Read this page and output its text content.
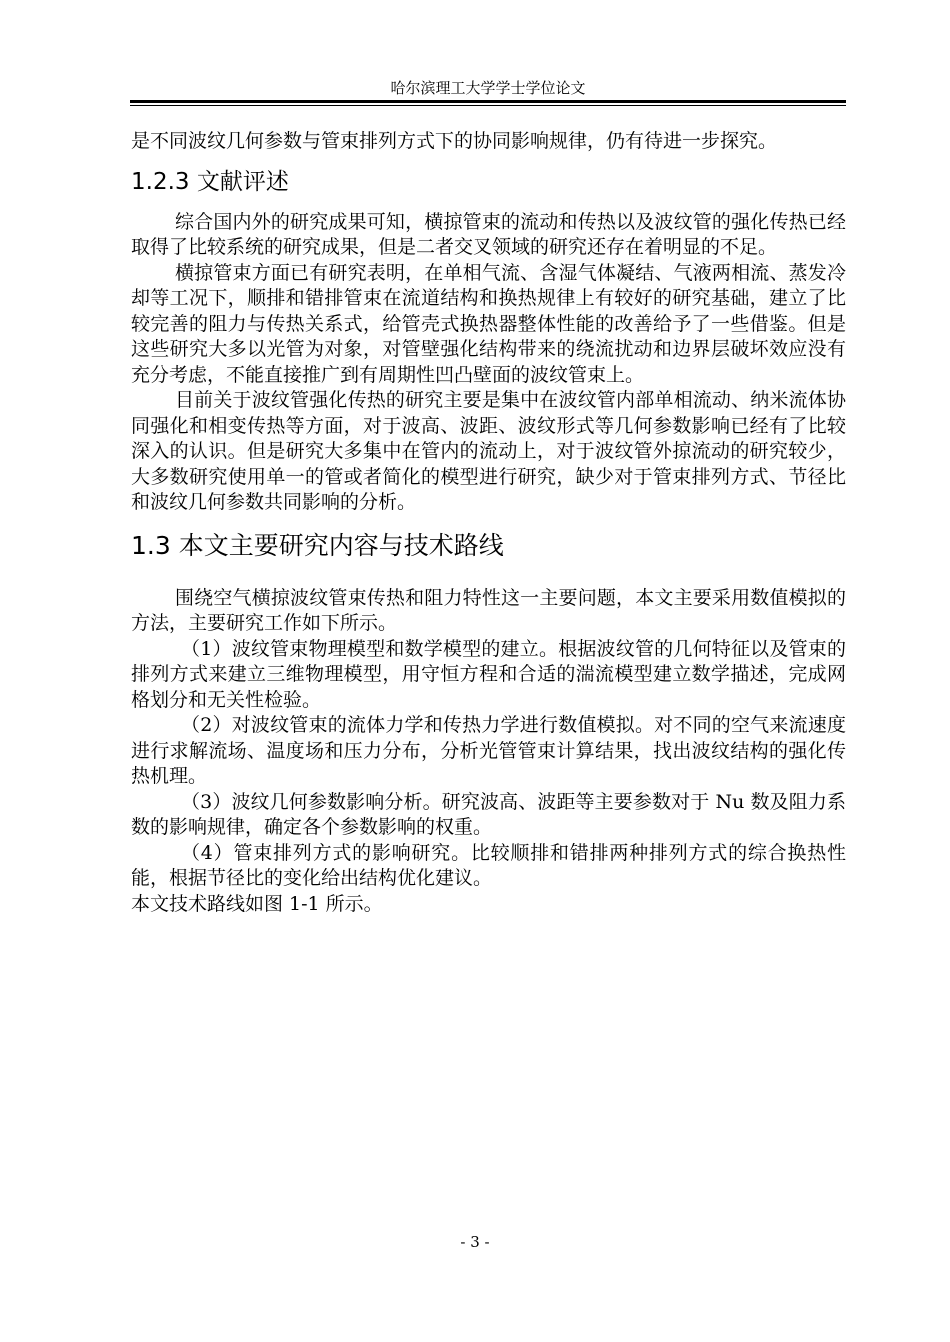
哈尔滨理工大学学士学位论文

是不同波纹几何参数与管束排列方式下的协同影响规律，仍有待进一步探究。

1.2.3 文献评述

综合国内外的研究成果可知，横掠管束的流动和传热以及波纹管的强化传热已经取得了比较系统的研究成果，但是二者交叉领域的研究还存在着明显的不足。

横掠管束方面已有研究表明，在单相气流、含湿气体凝结、气液两相流、蒸发冷却等工况下，顺排和错排管束在流道结构和换热规律上有较好的研究基础，建立了比较完善的阻力与传热关系式，给管壳式换热器整体性能的改善给予了一些借鉴。但是这些研究大多以光管为对象，对管壁强化结构带来的绕流扰动和边界层破坏效应没有充分考虑，不能直接推广到有周期性凹凸壁面的波纹管束上。

目前关于波纹管强化传热的研究主要是集中在波纹管内部单相流动、纳米流体协同强化和相变传热等方面，对于波高、波距、波纹形式等几何参数影响已经有了比较深入的认识。但是研究大多集中在管内的流动上，对于波纹管外掠流动的研究较少，大多数研究使用单一的管或者简化的模型进行研究，缺少对于管束排列方式、节径比和波纹几何参数共同影响的分析。

1.3 本文主要研究内容与技术路线

围绕空气横掠波纹管束传热和阻力特性这一主要问题，本文主要采用数值模拟的方法，主要研究工作如下所示。

（1）波纹管束物理模型和数学模型的建立。根据波纹管的几何特征以及管束的排列方式来建立三维物理模型，用守恒方程和合适的湍流模型建立数学描述，完成网格划分和无关性检验。

（2）对波纹管束的流体力学和传热力学进行数值模拟。对不同的空气来流速度进行求解流场、温度场和压力分布，分析光管管束计算结果，找出波纹结构的强化传热机理。

（3）波纹几何参数影响分析。研究波高、波距等主要参数对于 Nu 数及阻力系数的影响规律，确定各个参数影响的权重。

（4）管束排列方式的影响研究。比较顺排和错排两种排列方式的综合换热性能，根据节径比的变化给出结构优化建议。

本文技术路线如图 1-1 所示。

- 3 -
